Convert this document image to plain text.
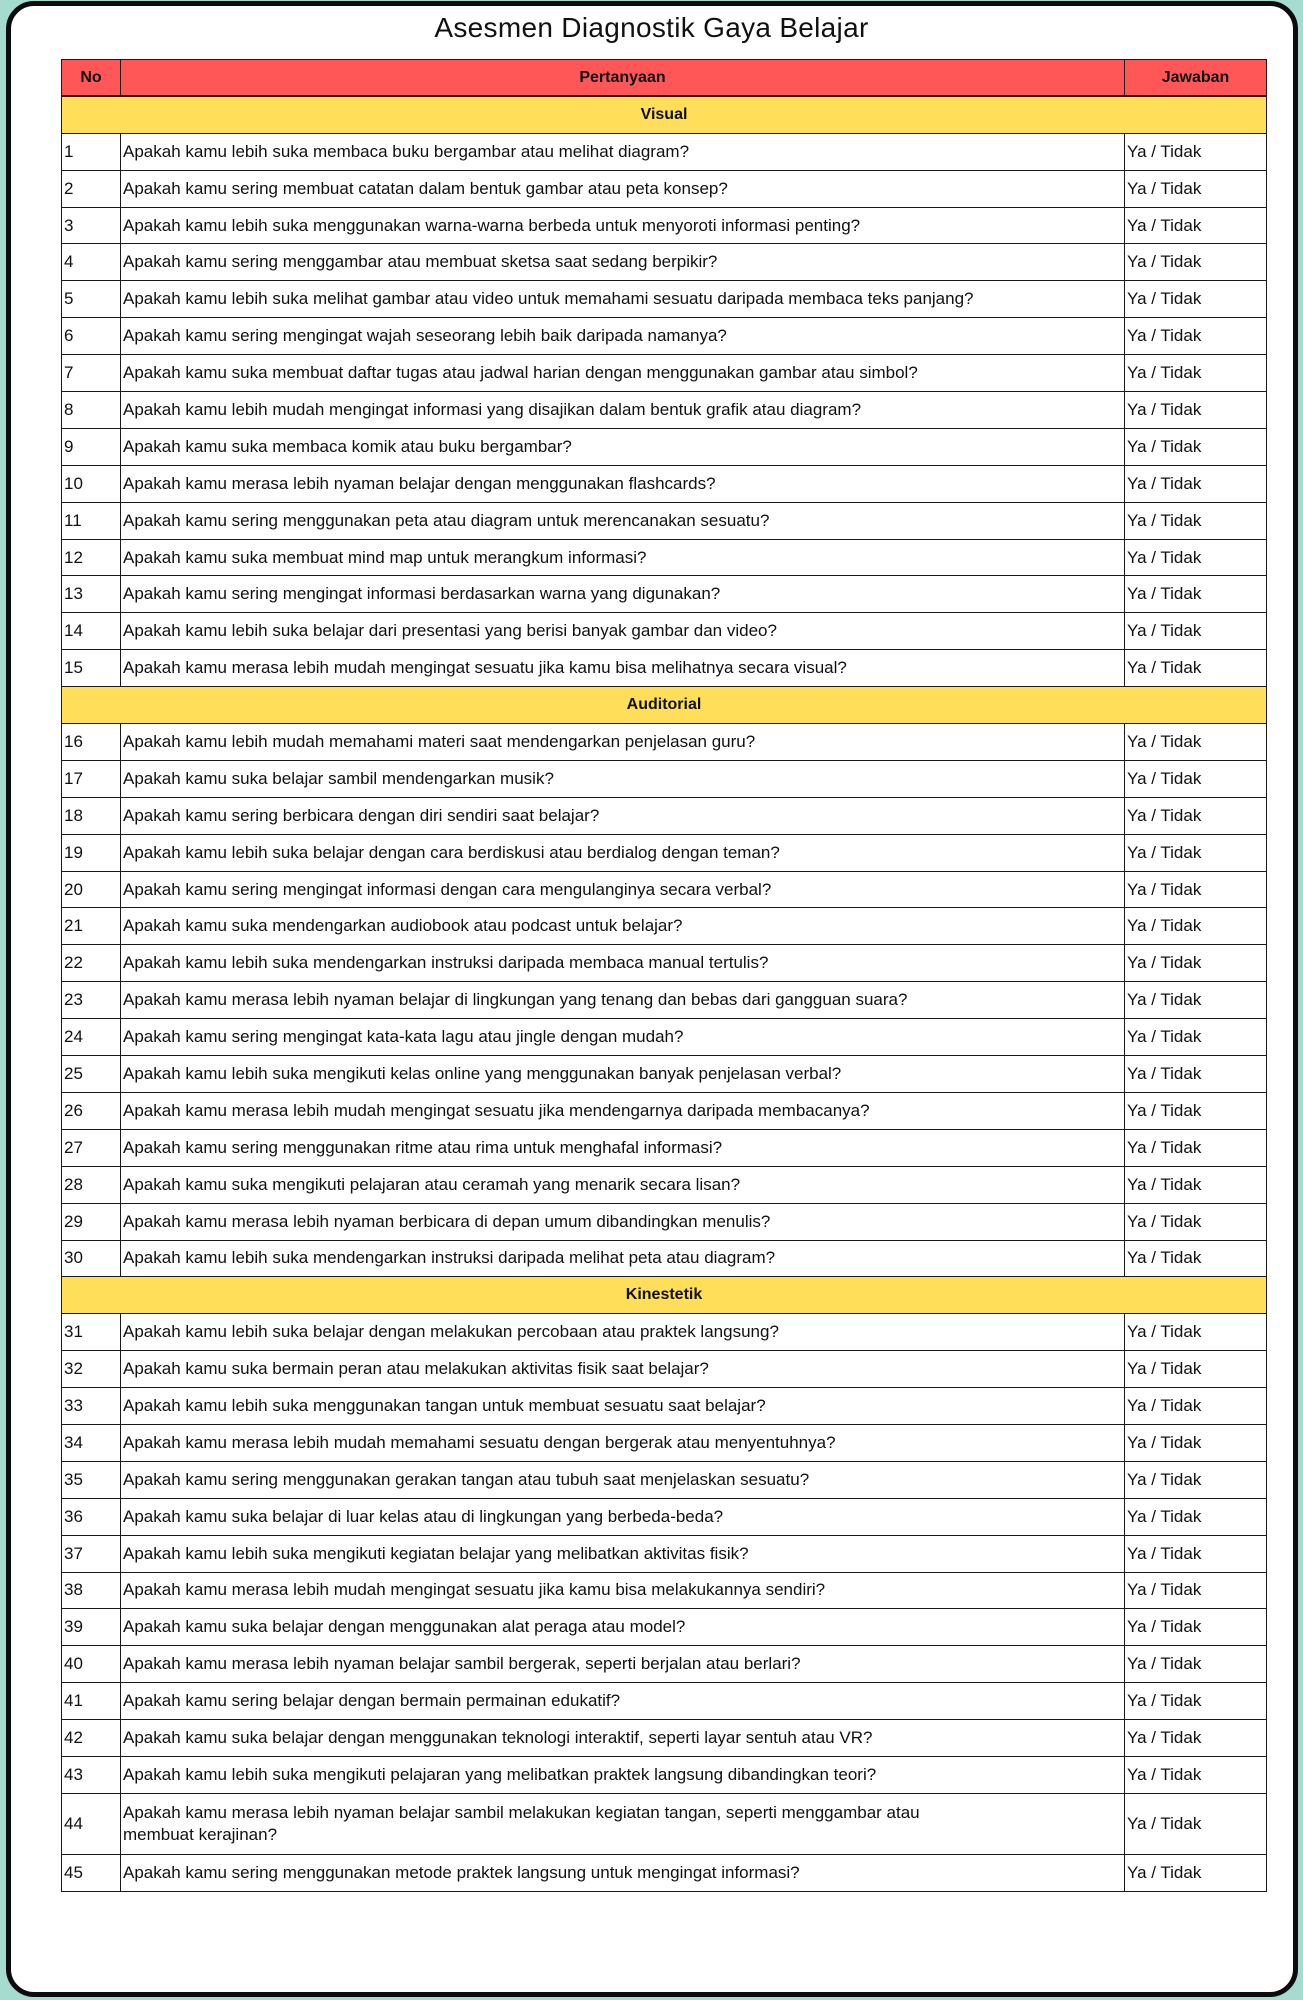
Asesmen Diagnostik Gaya Belajar
No	Pertanyaan	Jawaban
Visual		
1	Apakah kamu lebih suka membaca buku bergambar atau melihat diagram?	Ya / Tidak
2	Apakah kamu sering membuat catatan dalam bentuk gambar atau peta konsep?	Ya / Tidak
3	Apakah kamu lebih suka menggunakan warna-warna berbeda untuk menyoroti informasi penting?	Ya / Tidak
4	Apakah kamu sering menggambar atau membuat sketsa saat sedang berpikir?	Ya / Tidak
5	Apakah kamu lebih suka melihat gambar atau video untuk memahami sesuatu daripada membaca teks panjang?	Ya / Tidak
6	Apakah kamu sering mengingat wajah seseorang lebih baik daripada namanya?	Ya / Tidak
7	Apakah kamu suka membuat daftar tugas atau jadwal harian dengan menggunakan gambar atau simbol?	Ya / Tidak
8	Apakah kamu lebih mudah mengingat informasi yang disajikan dalam bentuk grafik atau diagram?	Ya / Tidak
9	Apakah kamu suka membaca komik atau buku bergambar?	Ya / Tidak
10	Apakah kamu merasa lebih nyaman belajar dengan menggunakan flashcards?	Ya / Tidak
11	Apakah kamu sering menggunakan peta atau diagram untuk merencanakan sesuatu?	Ya / Tidak
12	Apakah kamu suka membuat mind map untuk merangkum informasi?	Ya / Tidak
13	Apakah kamu sering mengingat informasi berdasarkan warna yang digunakan?	Ya / Tidak
14	Apakah kamu lebih suka belajar dari presentasi yang berisi banyak gambar dan video?	Ya / Tidak
15	Apakah kamu merasa lebih mudah mengingat sesuatu jika kamu bisa melihatnya secara visual?	Ya / Tidak
Auditorial		
16	Apakah kamu lebih mudah memahami materi saat mendengarkan penjelasan guru?	Ya / Tidak
17	Apakah kamu suka belajar sambil mendengarkan musik?	Ya / Tidak
18	Apakah kamu sering berbicara dengan diri sendiri saat belajar?	Ya / Tidak
19	Apakah kamu lebih suka belajar dengan cara berdiskusi atau berdialog dengan teman?	Ya / Tidak
20	Apakah kamu sering mengingat informasi dengan cara mengulanginya secara verbal?	Ya / Tidak
21	Apakah kamu suka mendengarkan audiobook atau podcast untuk belajar?	Ya / Tidak
22	Apakah kamu lebih suka mendengarkan instruksi daripada membaca manual tertulis?	Ya / Tidak
23	Apakah kamu merasa lebih nyaman belajar di lingkungan yang tenang dan bebas dari gangguan suara?	Ya / Tidak
24	Apakah kamu sering mengingat kata-kata lagu atau jingle dengan mudah?	Ya / Tidak
25	Apakah kamu lebih suka mengikuti kelas online yang menggunakan banyak penjelasan verbal?	Ya / Tidak
26	Apakah kamu merasa lebih mudah mengingat sesuatu jika mendengarnya daripada membacanya?	Ya / Tidak
27	Apakah kamu sering menggunakan ritme atau rima untuk menghafal informasi?	Ya / Tidak
28	Apakah kamu suka mengikuti pelajaran atau ceramah yang menarik secara lisan?	Ya / Tidak
29	Apakah kamu merasa lebih nyaman berbicara di depan umum dibandingkan menulis?	Ya / Tidak
30	Apakah kamu lebih suka mendengarkan instruksi daripada melihat peta atau diagram?	Ya / Tidak
Kinestetik		
31	Apakah kamu lebih suka belajar dengan melakukan percobaan atau praktek langsung?	Ya / Tidak
32	Apakah kamu suka bermain peran atau melakukan aktivitas fisik saat belajar?	Ya / Tidak
33	Apakah kamu lebih suka menggunakan tangan untuk membuat sesuatu saat belajar?	Ya / Tidak
34	Apakah kamu merasa lebih mudah memahami sesuatu dengan bergerak atau menyentuhnya?	Ya / Tidak
35	Apakah kamu sering menggunakan gerakan tangan atau tubuh saat menjelaskan sesuatu?	Ya / Tidak
36	Apakah kamu suka belajar di luar kelas atau di lingkungan yang berbeda-beda?	Ya / Tidak
37	Apakah kamu lebih suka mengikuti kegiatan belajar yang melibatkan aktivitas fisik?	Ya / Tidak
38	Apakah kamu merasa lebih mudah mengingat sesuatu jika kamu bisa melakukannya sendiri?	Ya / Tidak
39	Apakah kamu suka belajar dengan menggunakan alat peraga atau model?	Ya / Tidak
40	Apakah kamu merasa lebih nyaman belajar sambil bergerak, seperti berjalan atau berlari?	Ya / Tidak
41	Apakah kamu sering belajar dengan bermain permainan edukatif?	Ya / Tidak
42	Apakah kamu suka belajar dengan menggunakan teknologi interaktif, seperti layar sentuh atau VR?	Ya / Tidak
43	Apakah kamu lebih suka mengikuti pelajaran yang melibatkan praktek langsung dibandingkan teori?	Ya / Tidak
44	Apakah kamu merasa lebih nyaman belajar sambil melakukan kegiatan tangan, seperti menggambar atau membuat kerajinan?	Ya / Tidak
45	Apakah kamu sering menggunakan metode praktek langsung untuk mengingat informasi?	Ya / Tidak
